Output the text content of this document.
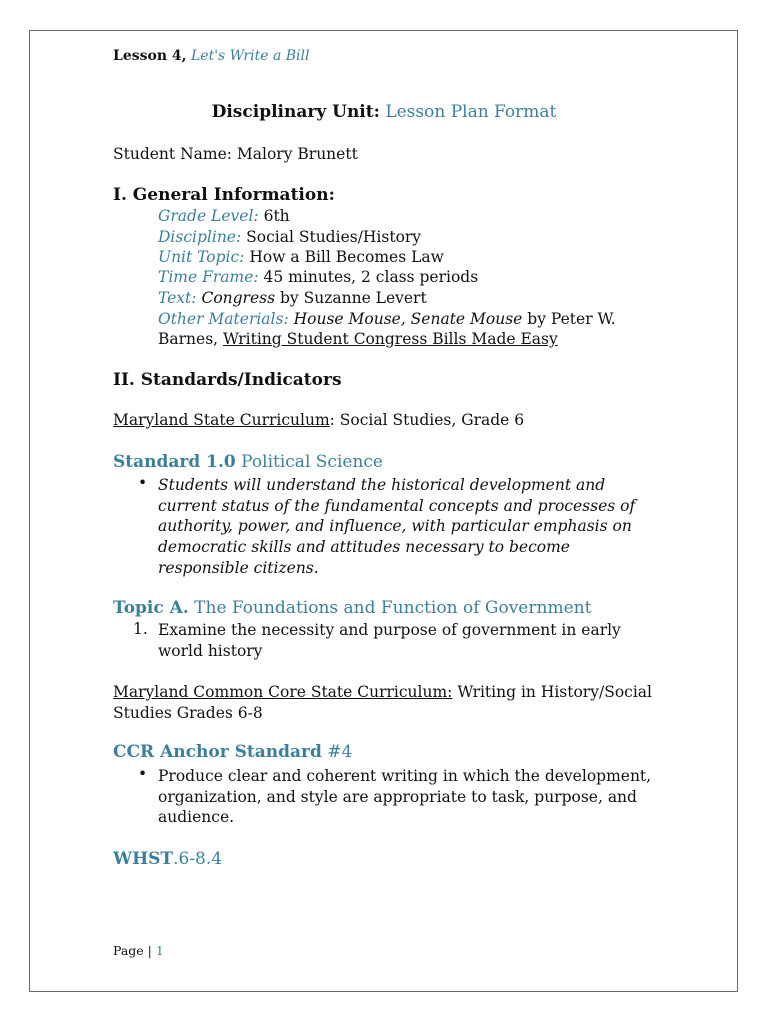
Lesson 4, Let's Write a Bill
Disciplinary Unit: Lesson Plan Format
Student Name: Malory Brunett
I. General Information:
Grade Level: 6th
Discipline: Social Studies/History
Unit Topic: How a Bill Becomes Law
Time Frame: 45 minutes, 2 class periods
Text: Congress by Suzanne Levert
Other Materials: House Mouse, Senate Mouse by Peter W.
Barnes, Writing Student Congress Bills Made Easy
II. Standards/Indicators
Maryland State Curriculum: Social Studies, Grade 6
Standard 1.0 Political Science
• Students will understand the historical development and
current status of the fundamental concepts and processes of
authority, power, and influence, with particular emphasis on
democratic skills and attitudes necessary to become
responsible citizens.
Topic A. The Foundations and Function of Government
1. Examine the necessity and purpose of government in early
world history
Maryland Common Core State Curriculum: Writing in History/Social
Studies Grades 6-8
CCR Anchor Standard #4
• Produce clear and coherent writing in which the development,
organization, and style are appropriate to task, purpose, and
audience.
WHST.6-8.4
Page | 1
